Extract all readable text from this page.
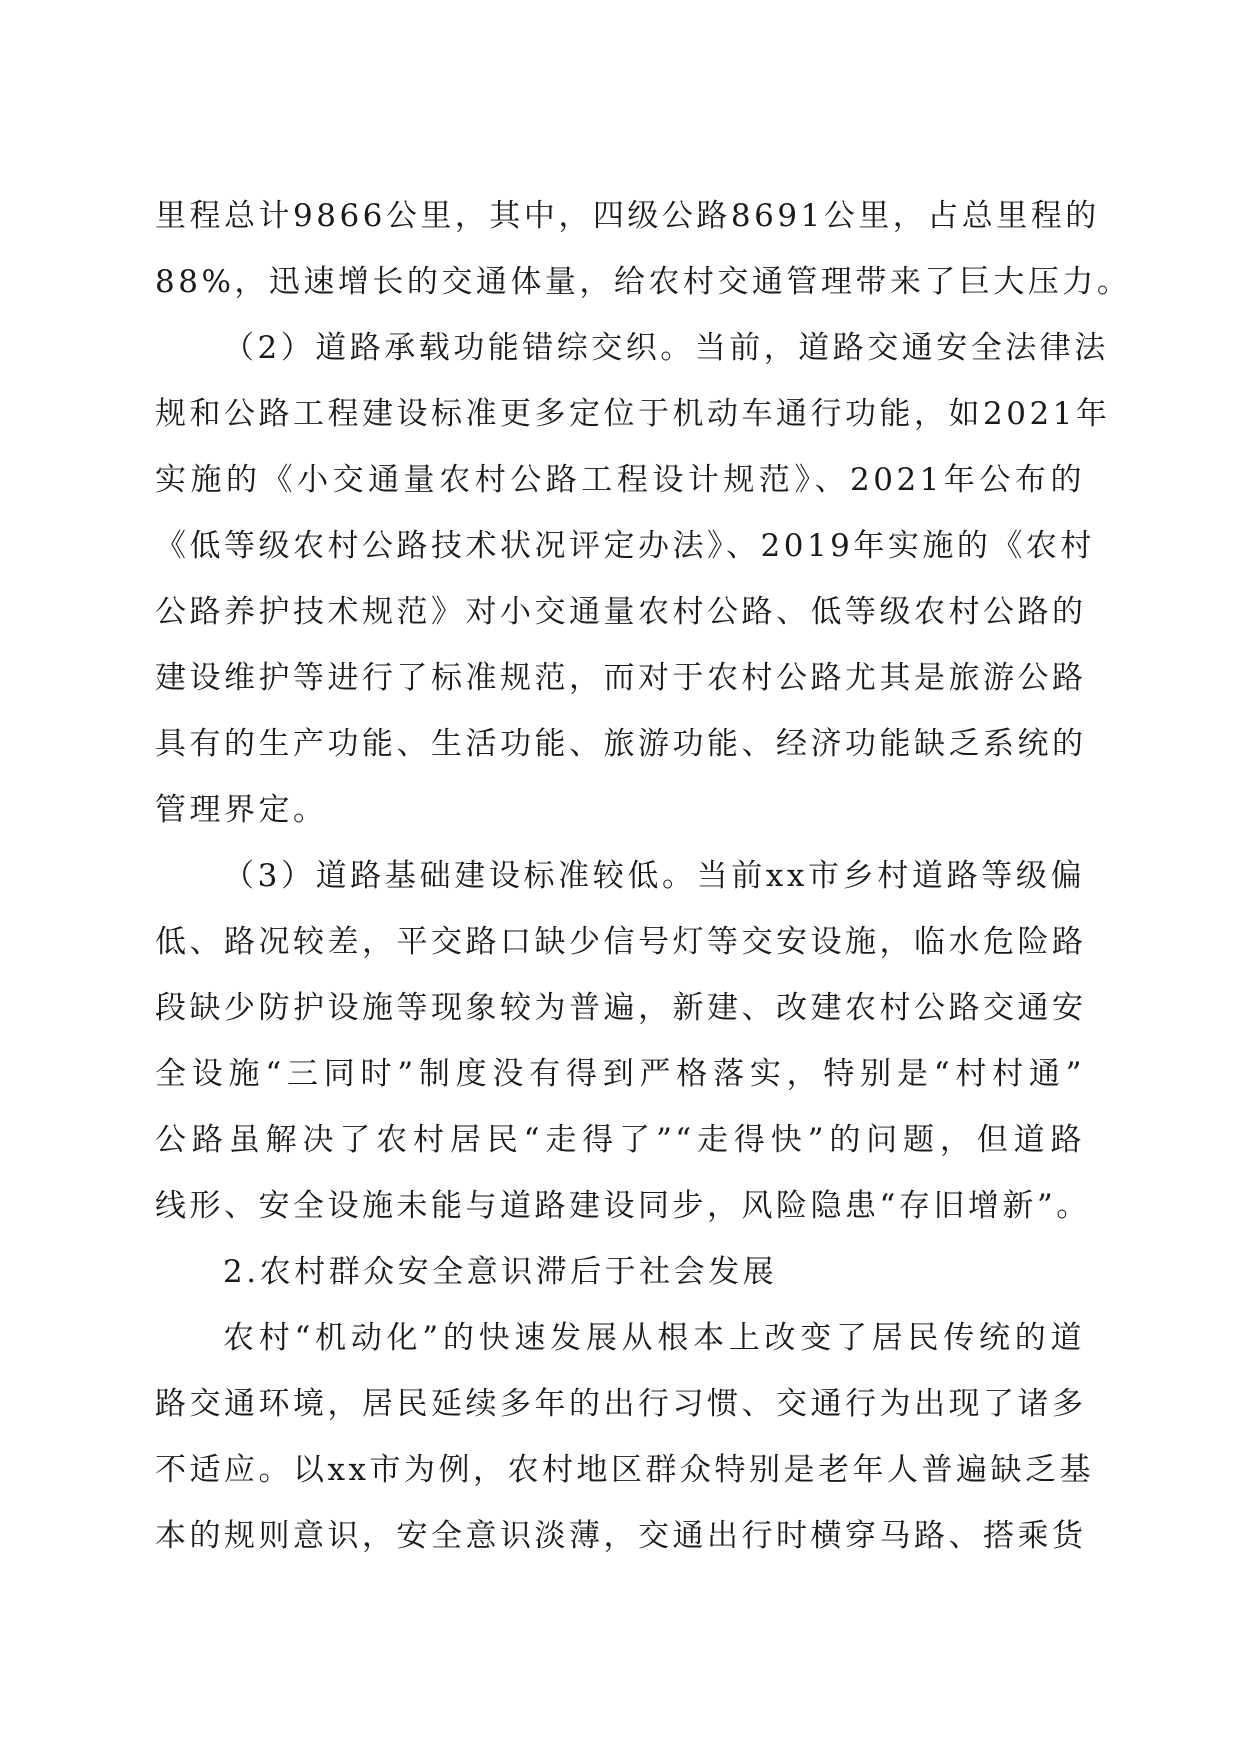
里程总计9866公里，其中，四级公路8691公里，占总里程的
88%，迅速增长的交通体量，给农村交通管理带来了巨大压力。
（2）道路承载功能错综交织。当前，道路交通安全法律法
规和公路工程建设标准更多定位于机动车通行功能，如2021年
实施的《小交通量农村公路工程设计规范》、2021年公布的
《低等级农村公路技术状况评定办法》、2019年实施的《农村
公路养护技术规范》对小交通量农村公路、低等级农村公路的
建设维护等进行了标准规范，而对于农村公路尤其是旅游公路
具有的生产功能、生活功能、旅游功能、经济功能缺乏系统的
管理界定。
（3）道路基础建设标准较低。当前xx市乡村道路等级偏
低、路况较差，平交路口缺少信号灯等交安设施，临水危险路
段缺少防护设施等现象较为普遍，新建、改建农村公路交通安
全设施“三同时”制度没有得到严格落实，特别是“村村通”
公路虽解决了农村居民“走得了”“走得快”的问题，但道路
线形、安全设施未能与道路建设同步，风险隐患“存旧增新”。
2.农村群众安全意识滞后于社会发展
农村“机动化”的快速发展从根本上改变了居民传统的道
路交通环境，居民延续多年的出行习惯、交通行为出现了诸多
不适应。以xx市为例，农村地区群众特别是老年人普遍缺乏基
本的规则意识，安全意识淡薄，交通出行时横穿马路、搭乘货
